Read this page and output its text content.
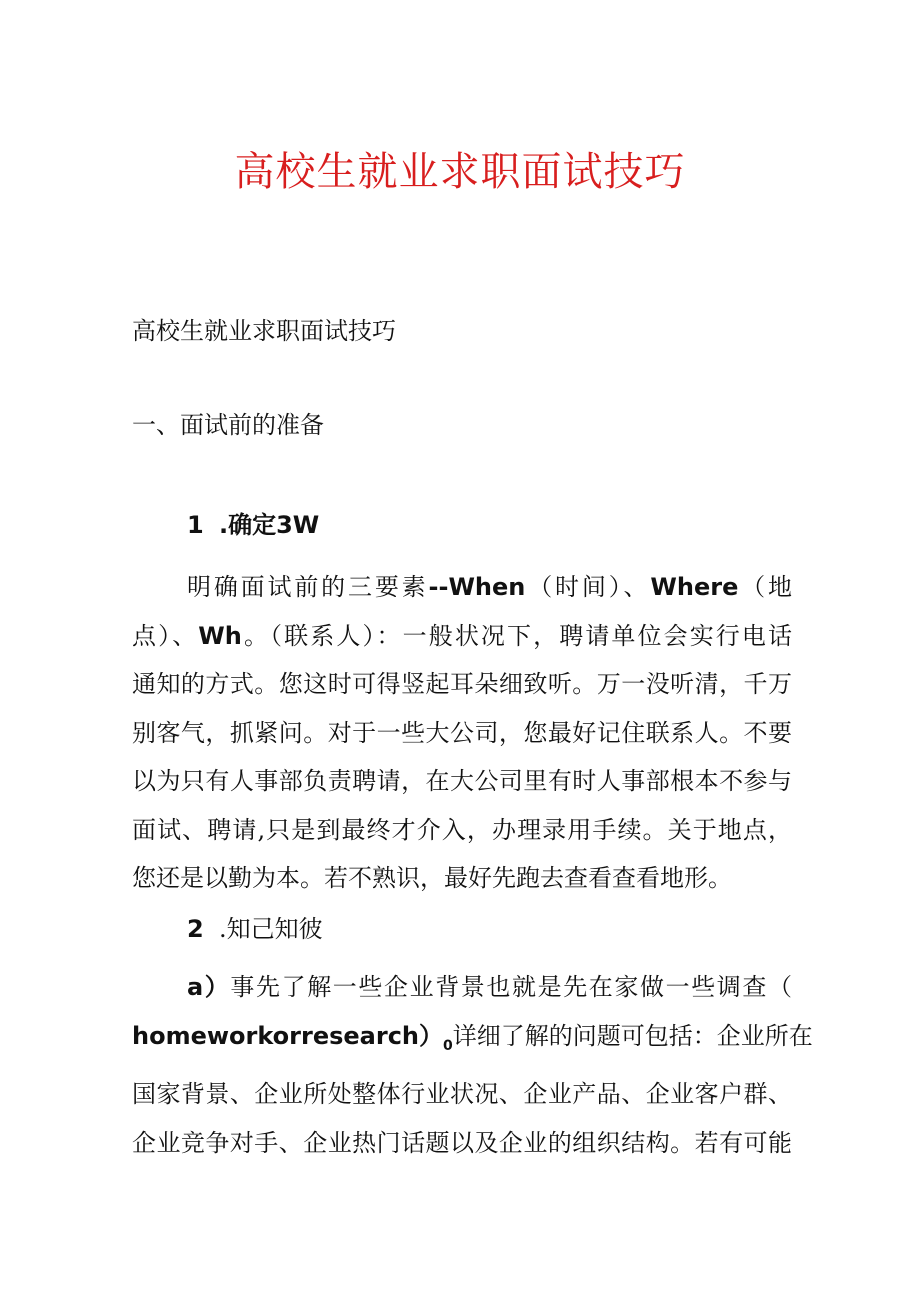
高校生就业求职面试技巧
高校生就业求职面试技巧
一、面试前的准备
1 .确定3W
明确面试前的三要素--When（时间）、Where（地
点）、Wh。（联系人）：一般状况下，聘请单位会实行电话
通知的方式。您这时可得竖起耳朵细致听。万一没听清，千万
别客气，抓紧问。对于一些大公司，您最好记住联系人。不要
以为只有人事部负责聘请，在大公司里有时人事部根本不参与
面试、聘请,只是到最终才介入，办理录用手续。关于地点，
您还是以勤为本。若不熟识，最好先跑去查看查看地形。
2 .知己知彼
a）事先了解一些企业背景也就是先在家做一些调查（
$homeworkorresearch)_0$详细了解的问题可包括：企业所在
国家背景、企业所处整体行业状况、企业产品、企业客户群、
企业竞争对手、企业热门话题以及企业的组织结构。若有可能
